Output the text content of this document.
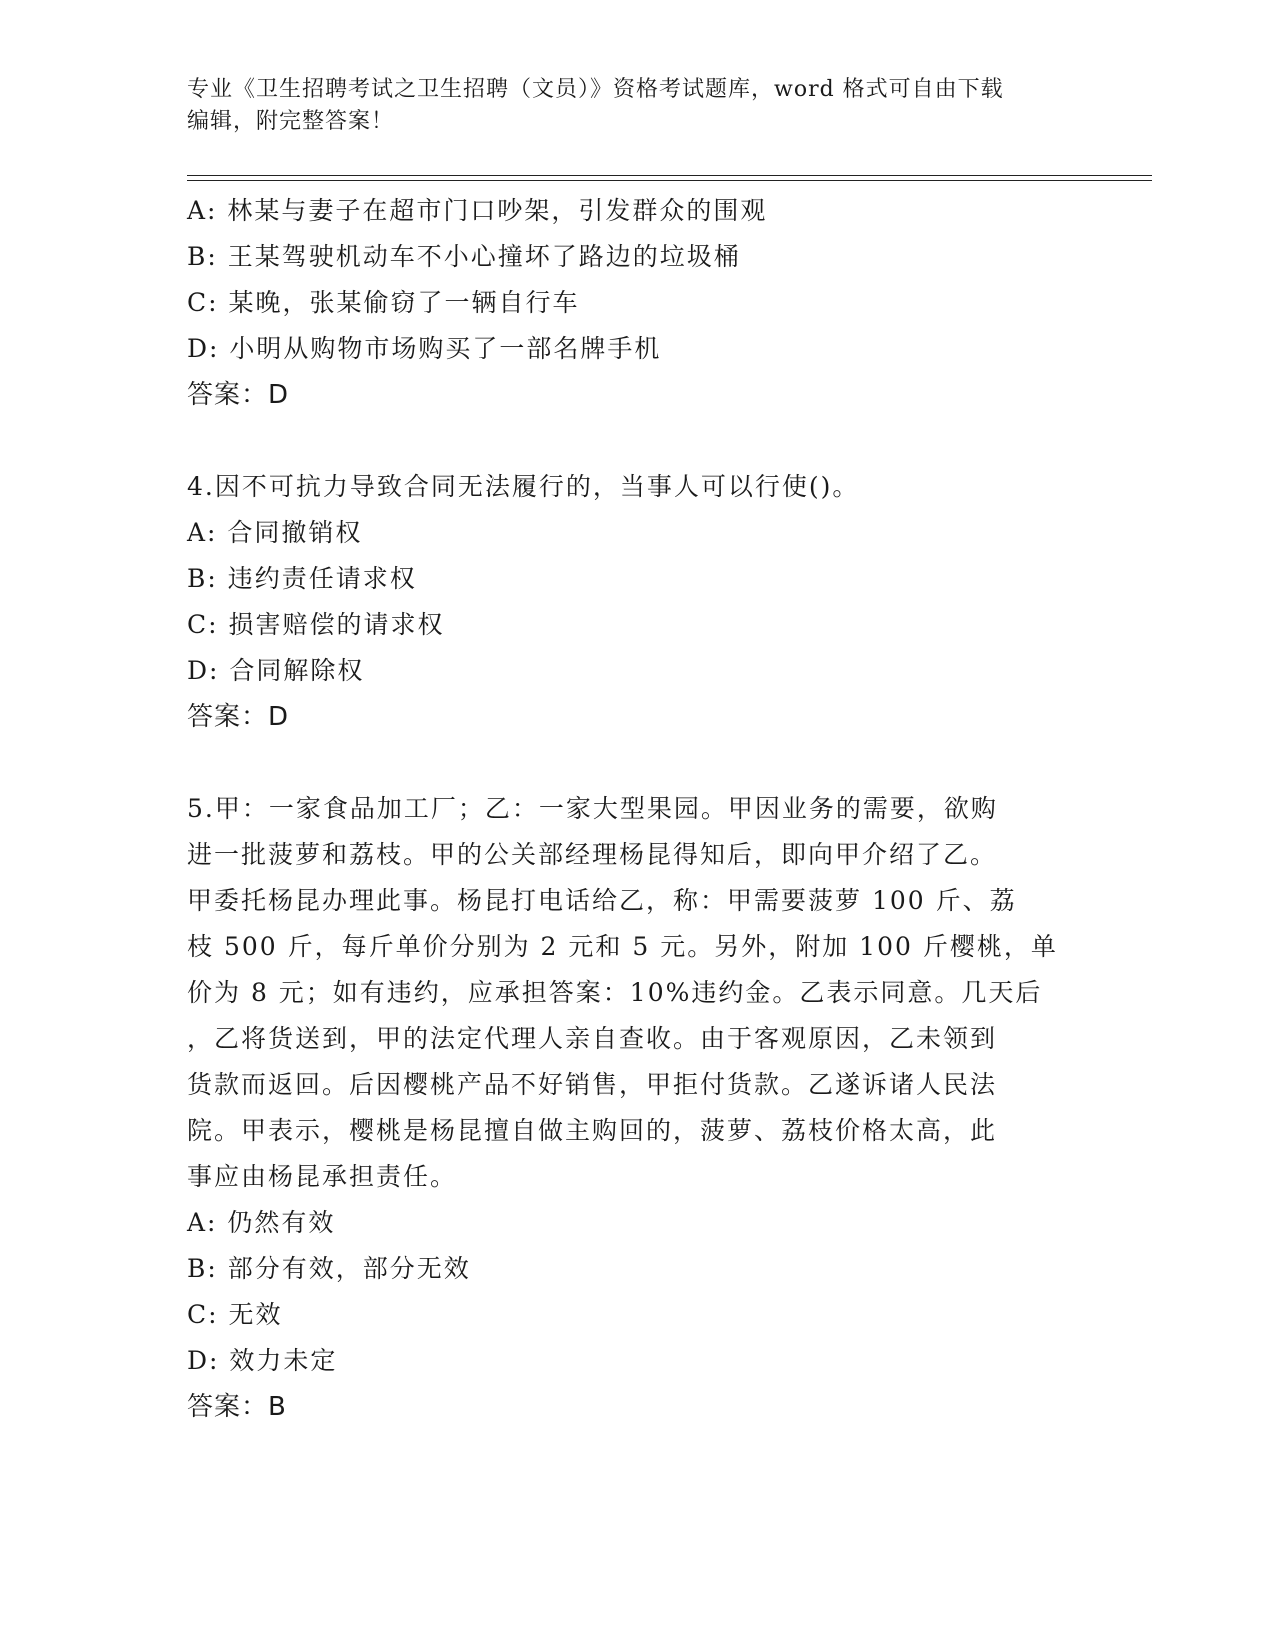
专业《卫生招聘考试之卫生招聘（文员）》资格考试题库，word 格式可自由下载
编辑，附完整答案！
A: 林某与妻子在超市门口吵架，引发群众的围观
B: 王某驾驶机动车不小心撞坏了路边的垃圾桶
C: 某晚，张某偷窃了一辆自行车
D: 小明从购物市场购买了一部名牌手机
答案：D
4.因不可抗力导致合同无法履行的，当事人可以行使()。
A: 合同撤销权
B: 违约责任请求权
C: 损害赔偿的请求权
D: 合同解除权
答案：D
5.甲：一家食品加工厂；乙：一家大型果园。甲因业务的需要，欲购
进一批菠萝和荔枝。甲的公关部经理杨昆得知后，即向甲介绍了乙。
甲委托杨昆办理此事。杨昆打电话给乙，称：甲需要菠萝 100 斤、荔
枝 500 斤，每斤单价分别为 2 元和 5 元。另外，附加 100 斤樱桃，单
价为 8 元；如有违约，应承担答案：10%违约金。乙表示同意。几天后
，乙将货送到，甲的法定代理人亲自查收。由于客观原因，乙未领到
货款而返回。后因樱桃产品不好销售，甲拒付货款。乙遂诉诸人民法
院。甲表示，樱桃是杨昆擅自做主购回的，菠萝、荔枝价格太高，此
事应由杨昆承担责任。
A: 仍然有效
B: 部分有效，部分无效
C: 无效
D: 效力未定
答案：B
